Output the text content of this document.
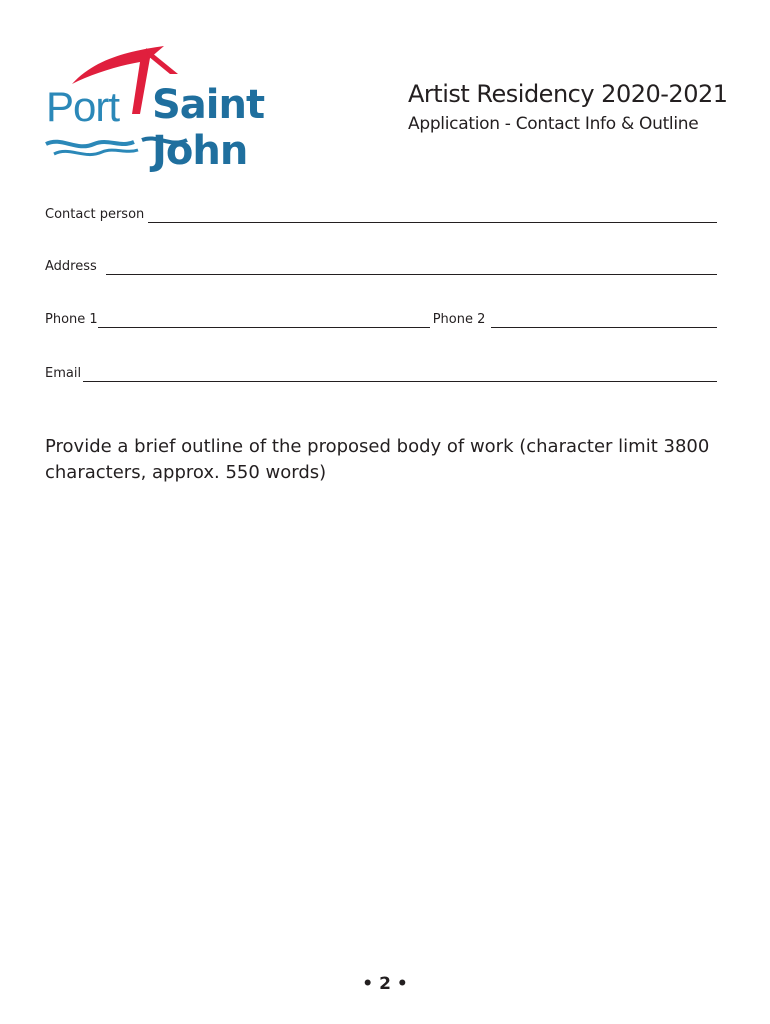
Port Saint John
Artist Residency 2020-2021
Application - Contact Info & Outline
Contact person
Address
Phone 1	Phone 2
Email
Provide a brief outline of the proposed body of work (character limit 3800 characters, approx. 550 words)
• 2 •
